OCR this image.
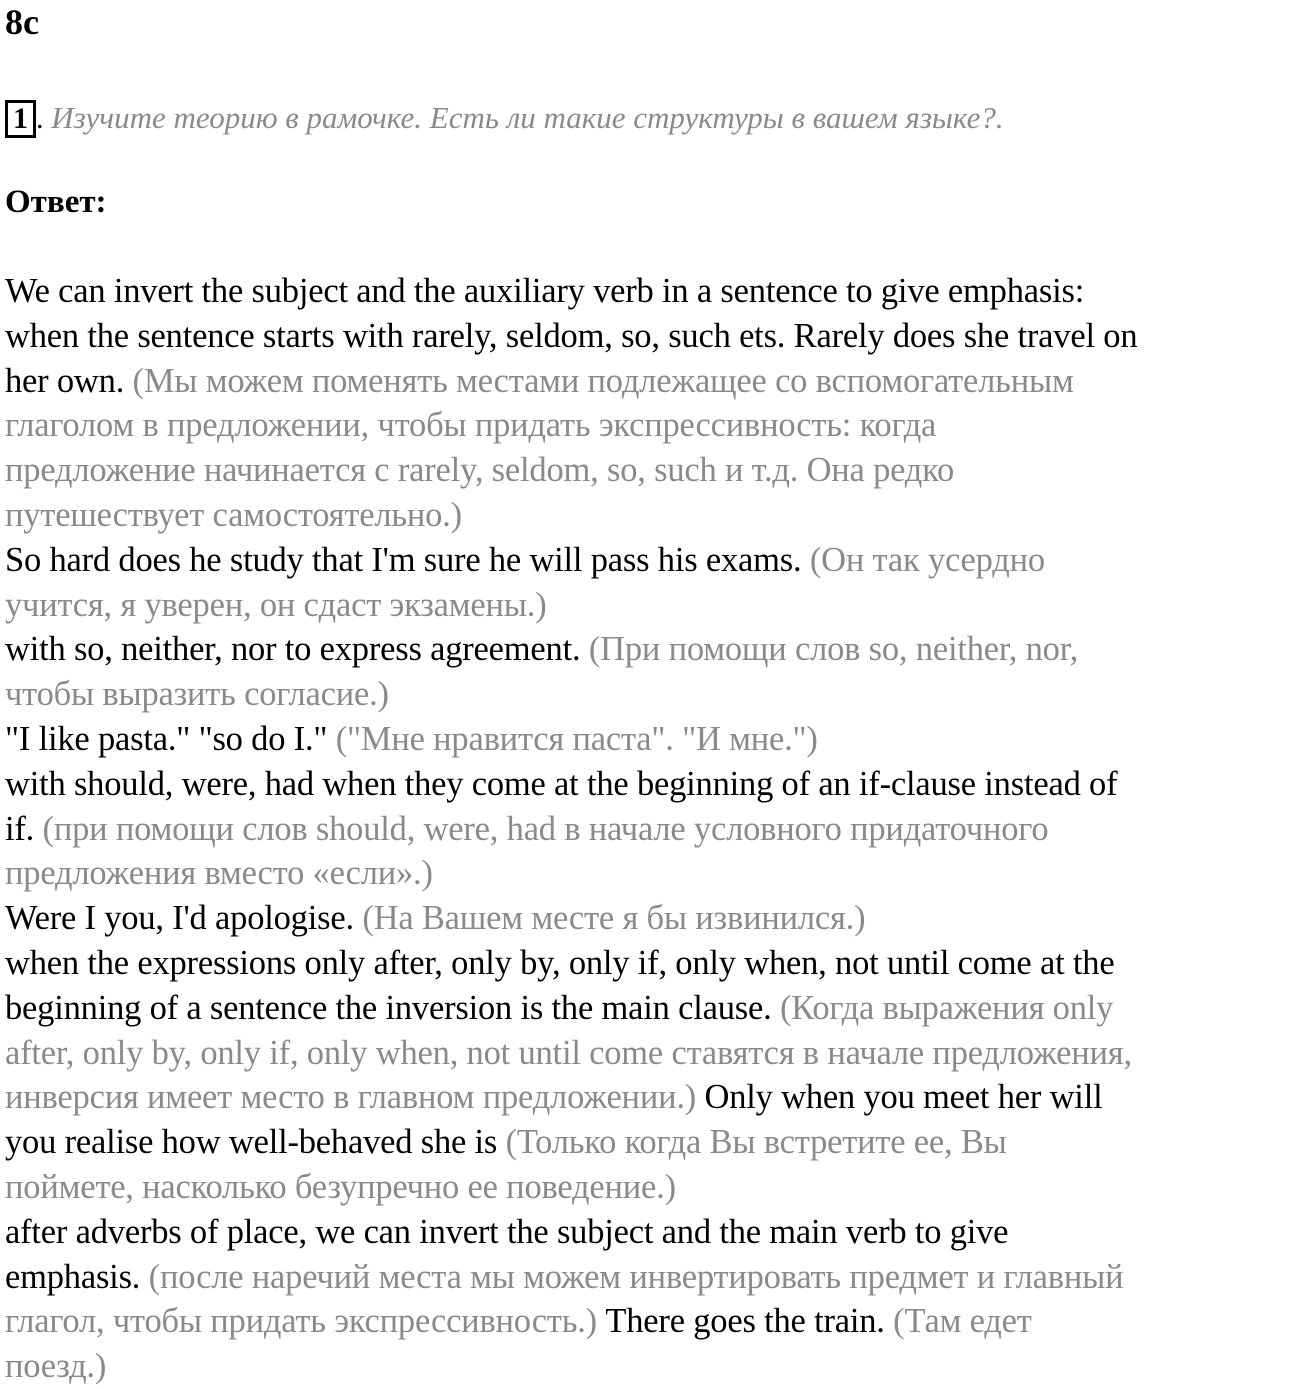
8c
1 . Изучите теорию в рамочке. Есть ли такие структуры в вашем языке?.
Ответ:
We can invert the subject and the auxiliary verb in a sentence to give emphasis:
when the sentence starts with rarely, seldom, so, such ets. Rarely does she travel on
her own. (Мы можем поменять местами подлежащее со вспомогательным
глаголом в предложении, чтобы придать экспрессивность: когда
предложение начинается с rarely, seldom, so, such и т.д. Она редко
путешествует самостоятельно.)
So hard does he study that I'm sure he will pass his exams. (Он так усердно
учится, я уверен, он сдаст экзамены.)
with so, neither, nor to express agreement. (При помощи слов so, neither, nor,
чтобы выразить согласие.)
"I like pasta." "so do I." ("Мне нравится паста". "И мне.")
with should, were, had when they come at the beginning of an if-clause instead of
if. (при помощи слов should, were, had в начале условного придаточного
предложения вместо «если».)
Were I you, I'd apologise. (На Вашем месте я бы извинился.)
when the expressions only after, only by, only if, only when, not until come at the
beginning of a sentence the inversion is the main clause. (Когда выражения only
after, only by, only if, only when, not until come ставятся в начале предложения,
инверсия имеет место в главном предложении.) Only when you meet her will
you realise how well-behaved she is (Только когда Вы встретите ее, Вы
поймете, насколько безупречно ее поведение.)
after adverbs of place, we can invert the subject and the main verb to give
emphasis. (после наречий места мы можем инвертировать предмет и главный
глагол, чтобы придать экспрессивность.) There goes the train. (Там едет
поезд.)
